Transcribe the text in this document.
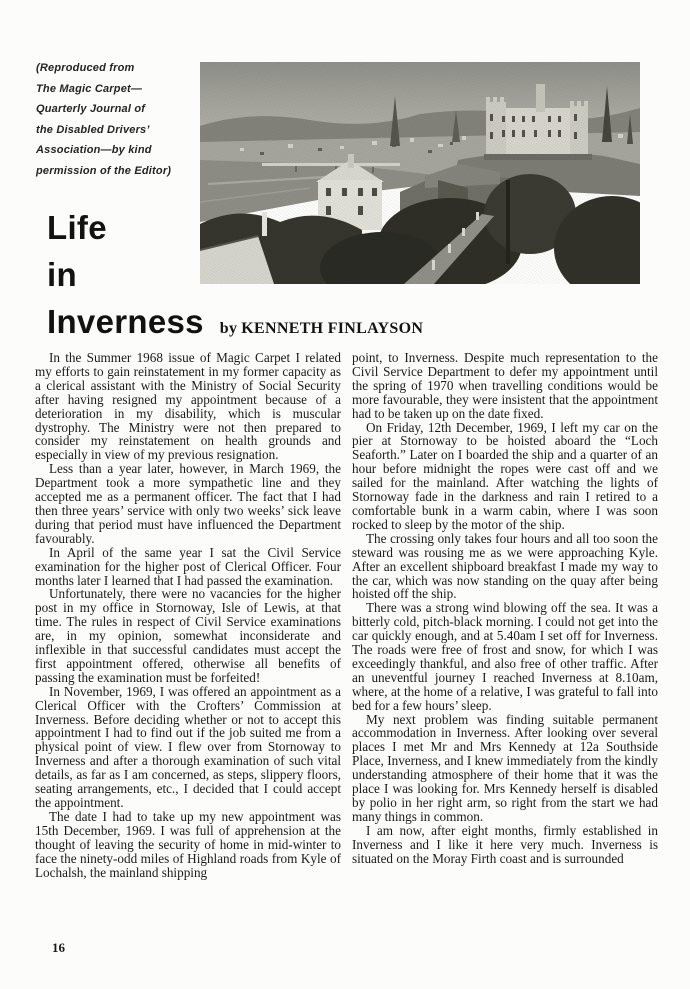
(Reproduced from
The Magic Carpet—
Quarterly Journal of
the Disabled Drivers’
Association—by kind
permission of the Editor)
Life
in
Inverness by KENNETH FINLAYSON

In the Summer 1968 issue of Magic Carpet I related my efforts to gain reinstatement in my former capacity as a clerical assistant with the Ministry of Social Security after having resigned my appointment because of a deterioration in my disability, which is muscular dystrophy. The Ministry were not then prepared to consider my reinstatement on health grounds and especially in view of my previous resignation.

Less than a year later, however, in March 1969, the Department took a more sympathetic line and they accepted me as a permanent officer. The fact that I had then three years’ service with only two weeks’ sick leave during that period must have influenced the Department favourably.

In April of the same year I sat the Civil Service examination for the higher post of Clerical Officer. Four months later I learned that I had passed the examination.

Unfortunately, there were no vacancies for the higher post in my office in Stornoway, Isle of Lewis, at that time. The rules in respect of Civil Service examinations are, in my opinion, somewhat inconsiderate and inflexible in that successful candidates must accept the first appointment offered, otherwise all benefits of passing the examination must be forfeited!

In November, 1969, I was offered an appointment as a Clerical Officer with the Crofters’ Commission at Inverness. Before deciding whether or not to accept this appointment I had to find out if the job suited me from a physical point of view. I flew over from Stornoway to Inverness and after a thorough examination of such vital details, as far as I am concerned, as steps, slippery floors, seating arrangements, etc., I decided that I could accept the appointment.

The date I had to take up my new appointment was 15th December, 1969. I was full of apprehension at the thought of leaving the security of home in mid-winter to face the ninety-odd miles of Highland roads from Kyle of Lochalsh, the mainland shipping

point, to Inverness. Despite much representation to the Civil Service Department to defer my appointment until the spring of 1970 when travelling conditions would be more favourable, they were insistent that the appointment had to be taken up on the date fixed.

On Friday, 12th December, 1969, I left my car on the pier at Stornoway to be hoisted aboard the “Loch Seaforth.” Later on I boarded the ship and a quarter of an hour before midnight the ropes were cast off and we sailed for the mainland. After watching the lights of Stornoway fade in the darkness and rain I retired to a comfortable bunk in a warm cabin, where I was soon rocked to sleep by the motor of the ship.

The crossing only takes four hours and all too soon the steward was rousing me as we were approaching Kyle. After an excellent shipboard breakfast I made my way to the car, which was now standing on the quay after being hoisted off the ship.

There was a strong wind blowing off the sea. It was a bitterly cold, pitch-black morning. I could not get into the car quickly enough, and at 5.40am I set off for Inverness. The roads were free of frost and snow, for which I was exceedingly thankful, and also free of other traffic. After an uneventful journey I reached Inverness at 8.10am, where, at the home of a relative, I was grateful to fall into bed for a few hours’ sleep.

My next problem was finding suitable permanent accommodation in Inverness. After looking over several places I met Mr and Mrs Kennedy at 12a Southside Place, Inverness, and I knew immediately from the kindly understanding atmosphere of their home that it was the place I was looking for. Mrs Kennedy herself is disabled by polio in her right arm, so right from the start we had many things in common.

I am now, after eight months, firmly established in Inverness and I like it here very much. Inverness is situated on the Moray Firth coast and is surrounded

16
